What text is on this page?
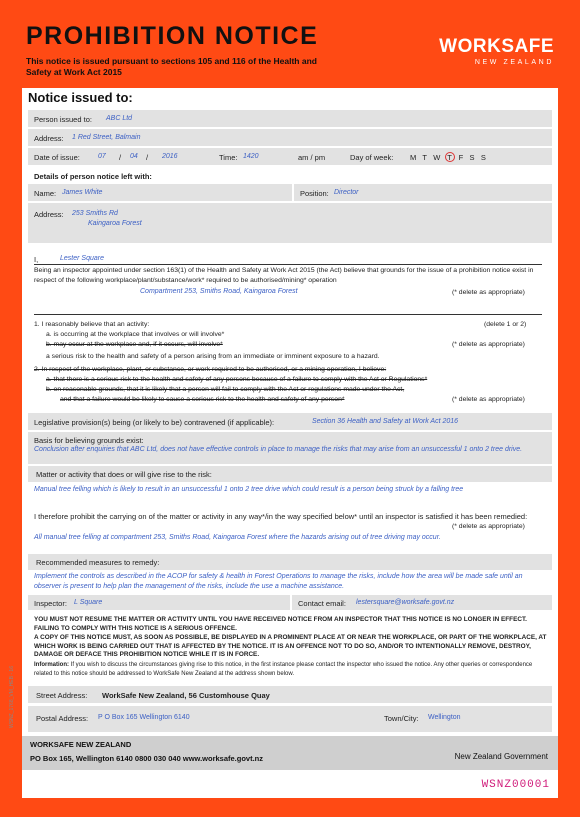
PROHIBITION NOTICE
This notice is issued pursuant to sections 105 and 116 of the Health and Safety at Work Act 2015
WORKSAFE
NEW ZEALAND
Notice issued to:
Person issued to: ABC Ltd
Address: 1 Red Street, Balmain
Date of issue:	07 / 04 / 2016	Time: 1420	am / pm	Day of week: M T W T F S S
Details of person notice left with:
Name: James White	Position: Director
Address: 253 Smiths Rd
Kaingaroa Forest
I,	Lester Square
Being an inspector appointed under section 163(1) of the Health and Safety at Work Act 2015 (the Act) believe that grounds for the issue of a prohibition notice exist in respect of the following workplace/plant/substance/work* required to be authorised/mining* operation
Compartment 253, Smiths Road, Kaingaroa Forest	(* delete as appropriate)
1. I reasonably believe that an activity:	(delete 1 or 2)
a. is occurring at the workplace that involves or will involve*
b. may occur at the workplace and, if it occurs, will involve*	(* delete as appropriate)
a serious risk to the health and safety of a person arising from an immediate or imminent exposure to a hazard.
2. In respect of the workplace, plant, or substance, or work required to be authorised, or a mining operation, I believe:
a. that there is a serious risk to the health and safety of any persons because of a failure to comply with the Act or Regulations*
b. on reasonable grounds, that it is likely that a person will fail to comply with the Act or regulations made under the Act,
and that a failure would be likely to cause a serious risk to the health and safety of any person*	(* delete as appropriate)
Legislative provision(s) being (or likely to be) contravened (if applicable):	Section 36 Health and Safety at Work Act 2016
Basis for believing grounds exist:
Conclusion after enquiries that ABC Ltd, does not have effective controls in place to manage the risks that may arise from an unsuccessful 1 onto 2 tree drive.
Matter or activity that does or will give rise to the risk:
Manual tree felling which is likely to result in an unsuccessful 1 onto 2 tree drive which could result is a person being struck by a falling tree
I therefore prohibit the carrying on of the matter or activity in any way*/in the way specified below* until an inspector is satisfied it has been remedied:
(* delete as appropriate)
All manual tree felling at compartment 253, Smiths Road, Kaingaroa Forest where the hazards arising out of tree driving may occur.
Recommended measures to remedy:
Implement the controls as described in the ACOP for safety & health in Forest Operations to manage the risks, include how the area will be made safe until an observer is present to help plan the management of the risks, include the use a machine assistance.
Inspector: L Square	Contact email: lestersquare@worksafe.govt.nz
YOU MUST NOT RESUME THE MATTER OR ACTIVITY UNTIL YOU HAVE RECEIVED NOTICE FROM AN INSPECTOR THAT THIS NOTICE IS NO LONGER IN EFFECT. FAILING TO COMPLY WITH THIS NOTICE IS A SERIOUS OFFENCE.
A COPY OF THIS NOTICE MUST, AS SOON AS POSSIBLE, BE DISPLAYED IN A PROMINENT PLACE AT OR NEAR THE WORKPLACE, OR PART OF THE WORKPLACE, AT WHICH WORK IS BEING CARRIED OUT THAT IS AFFECTED BY THE NOTICE. IT IS AN OFFENCE NOT TO DO SO, AND/OR TO INTENTIONALLY REMOVE, DESTROY, DAMAGE OR DEFACE THIS PROHIBITION NOTICE WHILE IT IS IN FORCE.
Information: If you wish to discuss the circumstances giving rise to this notice, in the first instance please contact the inspector who issued the notice. Any other queries or correspondence related to this notice should be addressed to WorkSafe New Zealand at the address shown below.
Street Address: WorkSafe New Zealand, 56 Customhouse Quay
Postal Address: P O Box 165 Wellington 6140	Town/City: Wellington
WORKSAFE NEW ZEALAND
PO Box 165, Wellington 6140 0800 030 040 www.worksafe.govt.nz	New Zealand Government
WSNZ00001
WSNZ_1768_VM_HEB - 16
